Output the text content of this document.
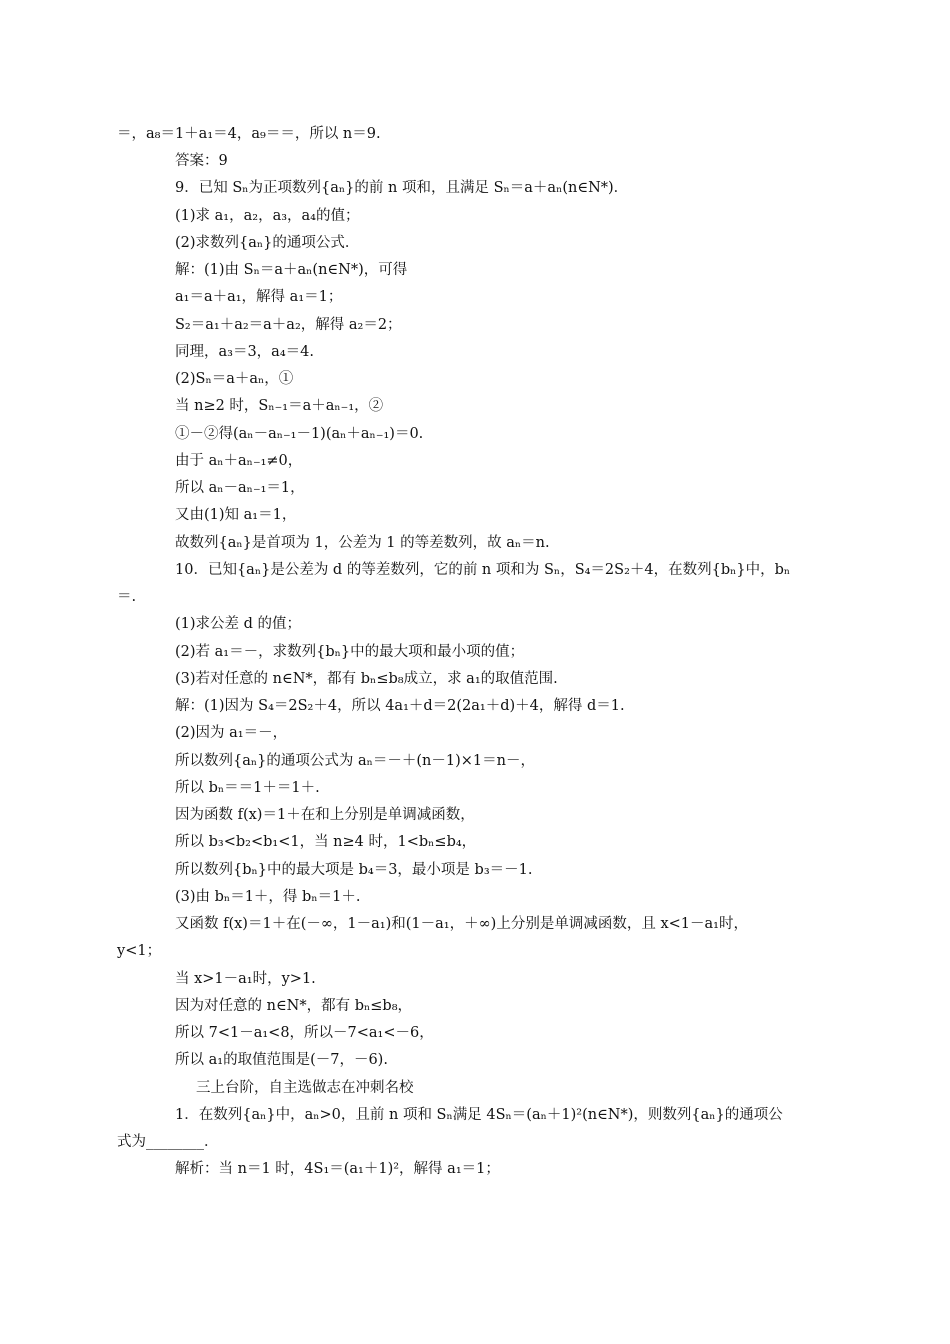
＝，a₈＝1＋a₁＝4，a₉＝＝，所以 n＝9.
答案：9
9．已知 Sₙ为正项数列{aₙ}的前 n 项和，且满足 Sₙ＝a＋aₙ(n∈N*)．
(1)求 a₁，a₂，a₃，a₄的值；
(2)求数列{aₙ}的通项公式．
解：(1)由 Sₙ＝a＋aₙ(n∈N*)，可得
a₁＝a＋a₁，解得 a₁＝1；
S₂＝a₁＋a₂＝a＋a₂，解得 a₂＝2；
同理，a₃＝3，a₄＝4.
(2)Sₙ＝a＋aₙ，①
当 n≥2 时，Sₙ₋₁＝a＋aₙ₋₁，②
①－②得(aₙ－aₙ₋₁－1)(aₙ＋aₙ₋₁)＝0.
由于 aₙ＋aₙ₋₁≠0，
所以 aₙ－aₙ₋₁＝1，
又由(1)知 a₁＝1，
故数列{aₙ}是首项为 1，公差为 1 的等差数列，故 aₙ＝n.
10．已知{aₙ}是公差为 d 的等差数列，它的前 n 项和为 Sₙ，S₄＝2S₂＋4，在数列{bₙ}中，bₙ
＝.
(1)求公差 d 的值；
(2)若 a₁＝－，求数列{bₙ}中的最大项和最小项的值；
(3)若对任意的 n∈N*，都有 bₙ≤b₈成立，求 a₁的取值范围.
解：(1)因为 S₄＝2S₂＋4，所以 4a₁＋d＝2(2a₁＋d)＋4，解得 d＝1.
(2)因为 a₁＝－，
所以数列{aₙ}的通项公式为 aₙ＝－＋(n－1)×1＝n－，
所以 bₙ＝＝1＋＝1＋.
因为函数 f(x)＝1＋在和上分别是单调减函数，
所以 b₃<b₂<b₁<1，当 n≥4 时，1<bₙ≤b₄，
所以数列{bₙ}中的最大项是 b₄＝3，最小项是 b₃＝－1.
(3)由 bₙ＝1＋，得 bₙ＝1＋.
又函数 f(x)＝1＋在(－∞，1－a₁)和(1－a₁，＋∞)上分别是单调减函数，且 x<1－a₁时，
y<1；
当 x>1－a₁时，y>1.
因为对任意的 n∈N*，都有 bₙ≤b₈，
所以 7<1－a₁<8，所以－7<a₁<－6，
所以 a₁的取值范围是(－7，－6).
三上台阶，自主选做志在冲刺名校
1．在数列{aₙ}中，aₙ>0，且前 n 项和 Sₙ满足 4Sₙ＝(aₙ＋1)²(n∈N*)，则数列{aₙ}的通项公
式为________．
解析：当 n＝1 时，4S₁＝(a₁＋1)²，解得 a₁＝1；
